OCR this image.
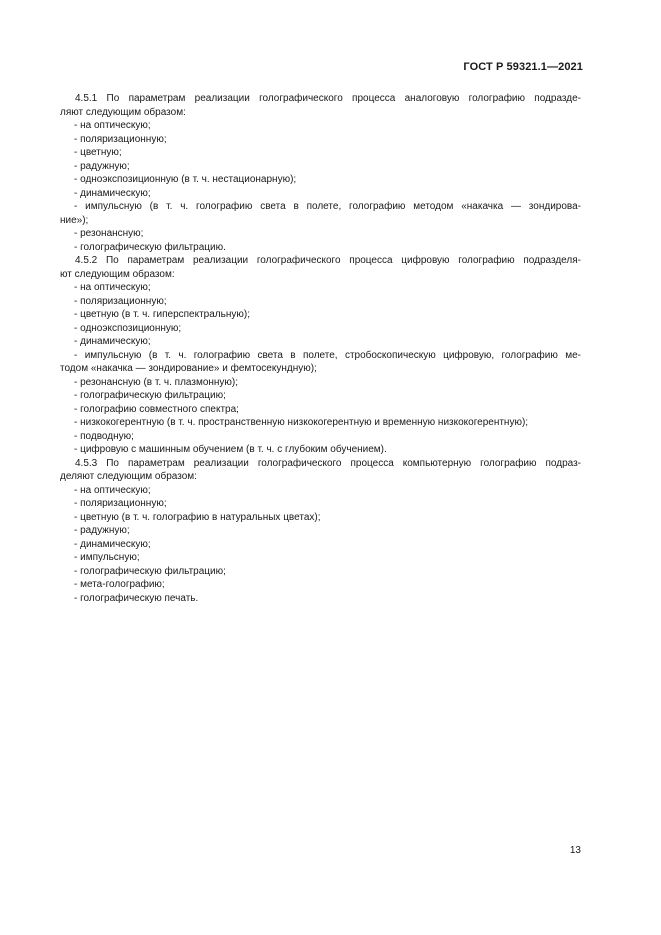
ГОСТ Р 59321.1—2021
4.5.1 По параметрам реализации голографического процесса аналоговую голографию подразде-
ляют следующим образом:
- на оптическую;
- поляризационную;
- цветную;
- радужную;
- одноэкспозиционную (в т. ч. нестационарную);
- динамическую;
- импульсную (в т. ч. голографию света в полете, голографию методом «накачка — зондирова-
ние»);
- резонансную;
- голографическую фильтрацию.
4.5.2 По параметрам реализации голографического процесса цифровую голографию подразделя-
ют следующим образом:
- на оптическую;
- поляризационную;
- цветную (в т. ч. гиперспектральную);
- одноэкспозиционную;
- динамическую;
- импульсную (в т. ч. голографию света в полете, стробоскопическую цифровую, голографию ме-
тодом «накачка — зондирование» и фемтосекундную);
- резонансную (в т. ч. плазмонную);
- голографическую фильтрацию;
- голографию совместного спектра;
- низкокогерентную (в т. ч. пространственную низкокогерентную и временную низкокогерентную);
- подводную;
- цифровую с машинным обучением (в т. ч. с глубоким обучением).
4.5.3 По параметрам реализации голографического процесса компьютерную голографию подраз-
деляют следующим образом:
- на оптическую;
- поляризационную;
- цветную (в т. ч. голографию в натуральных цветах);
- радужную;
- динамическую;
- импульсную;
- голографическую фильтрацию;
- мета-голографию;
- голографическую печать.
13
